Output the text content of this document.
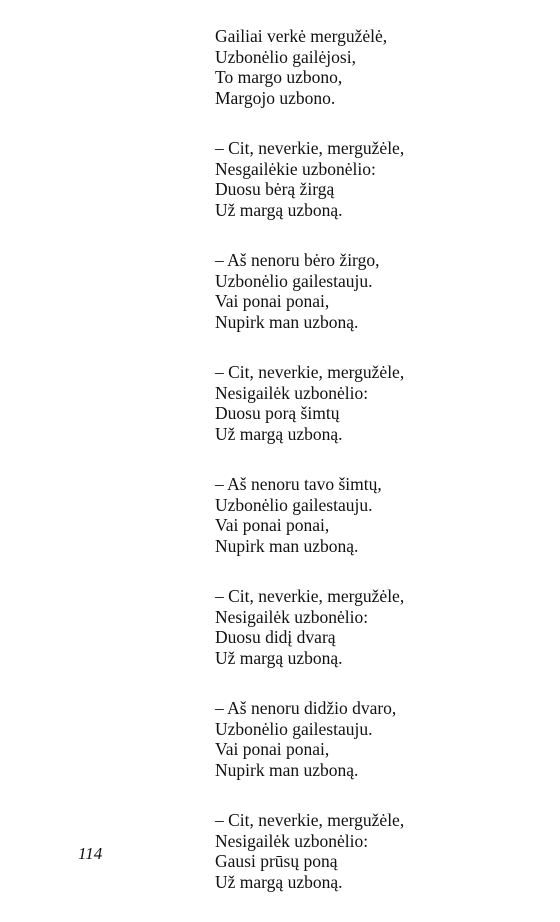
Gailiai verkė mergužėlė,
Uzbonėlio gailėjosi,
To margo uzbono,
Margojo uzbono.
– Cit, neverkie, mergužėle,
Nesgailėkie uzbonėlio:
Duosu bėrą žirgą
Už margą uzboną.
– Aš nenoru bėro žirgo,
Uzbonėlio gailestauju.
Vai ponai ponai,
Nupirk man uzboną.
– Cit, neverkie, mergužėle,
Nesigailėk uzbonėlio:
Duosu porą šimtų
Už margą uzboną.
– Aš nenoru tavo šimtų,
Uzbonėlio gailestauju.
Vai ponai ponai,
Nupirk man uzboną.
– Cit, neverkie, mergužėle,
Nesigailėk uzbonėlio:
Duosu didį dvarą
Už margą uzboną.
– Aš nenoru didžio dvaro,
Uzbonėlio gailestauju.
Vai ponai ponai,
Nupirk man uzboną.
– Cit, neverkie, mergužėle,
Nesigailėk uzbonėlio:
Gausi prūsų poną
Už margą uzboną.
114
